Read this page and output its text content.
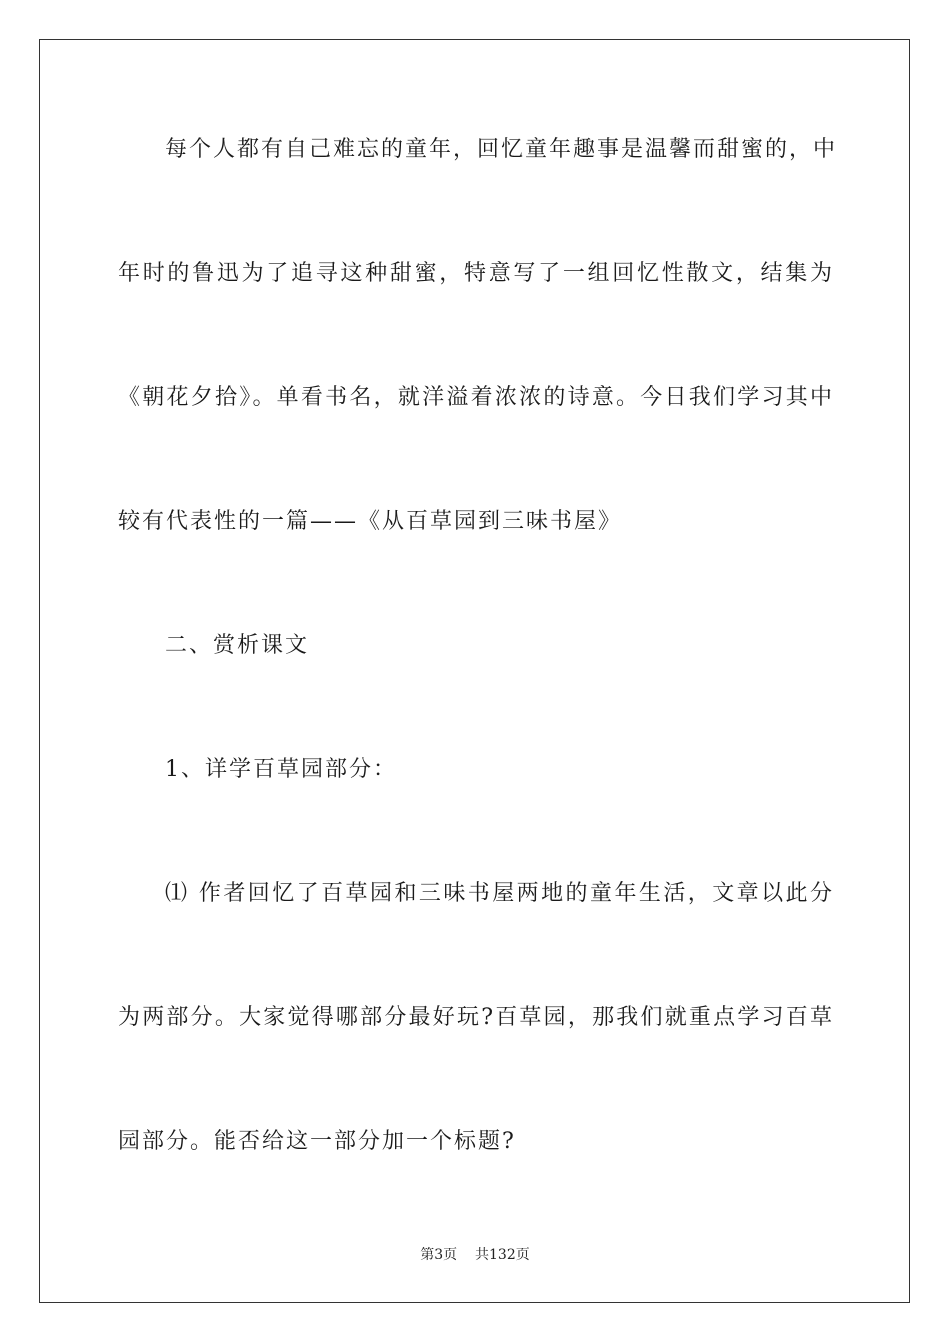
每个人都有自己难忘的童年，回忆童年趣事是温馨而甜蜜的，中
年时的鲁迅为了追寻这种甜蜜，特意写了一组回忆性散文，结集为
《朝花夕拾》。单看书名，就洋溢着浓浓的诗意。今日我们学习其中
较有代表性的一篇——《从百草园到三味书屋》
二、赏析课文
1、详学百草园部分：
⑴ 作者回忆了百草园和三味书屋两地的童年生活，文章以此分
为两部分。大家觉得哪部分最好玩?百草园，那我们就重点学习百草
园部分。能否给这一部分加一个标题?
第3页 共132页
